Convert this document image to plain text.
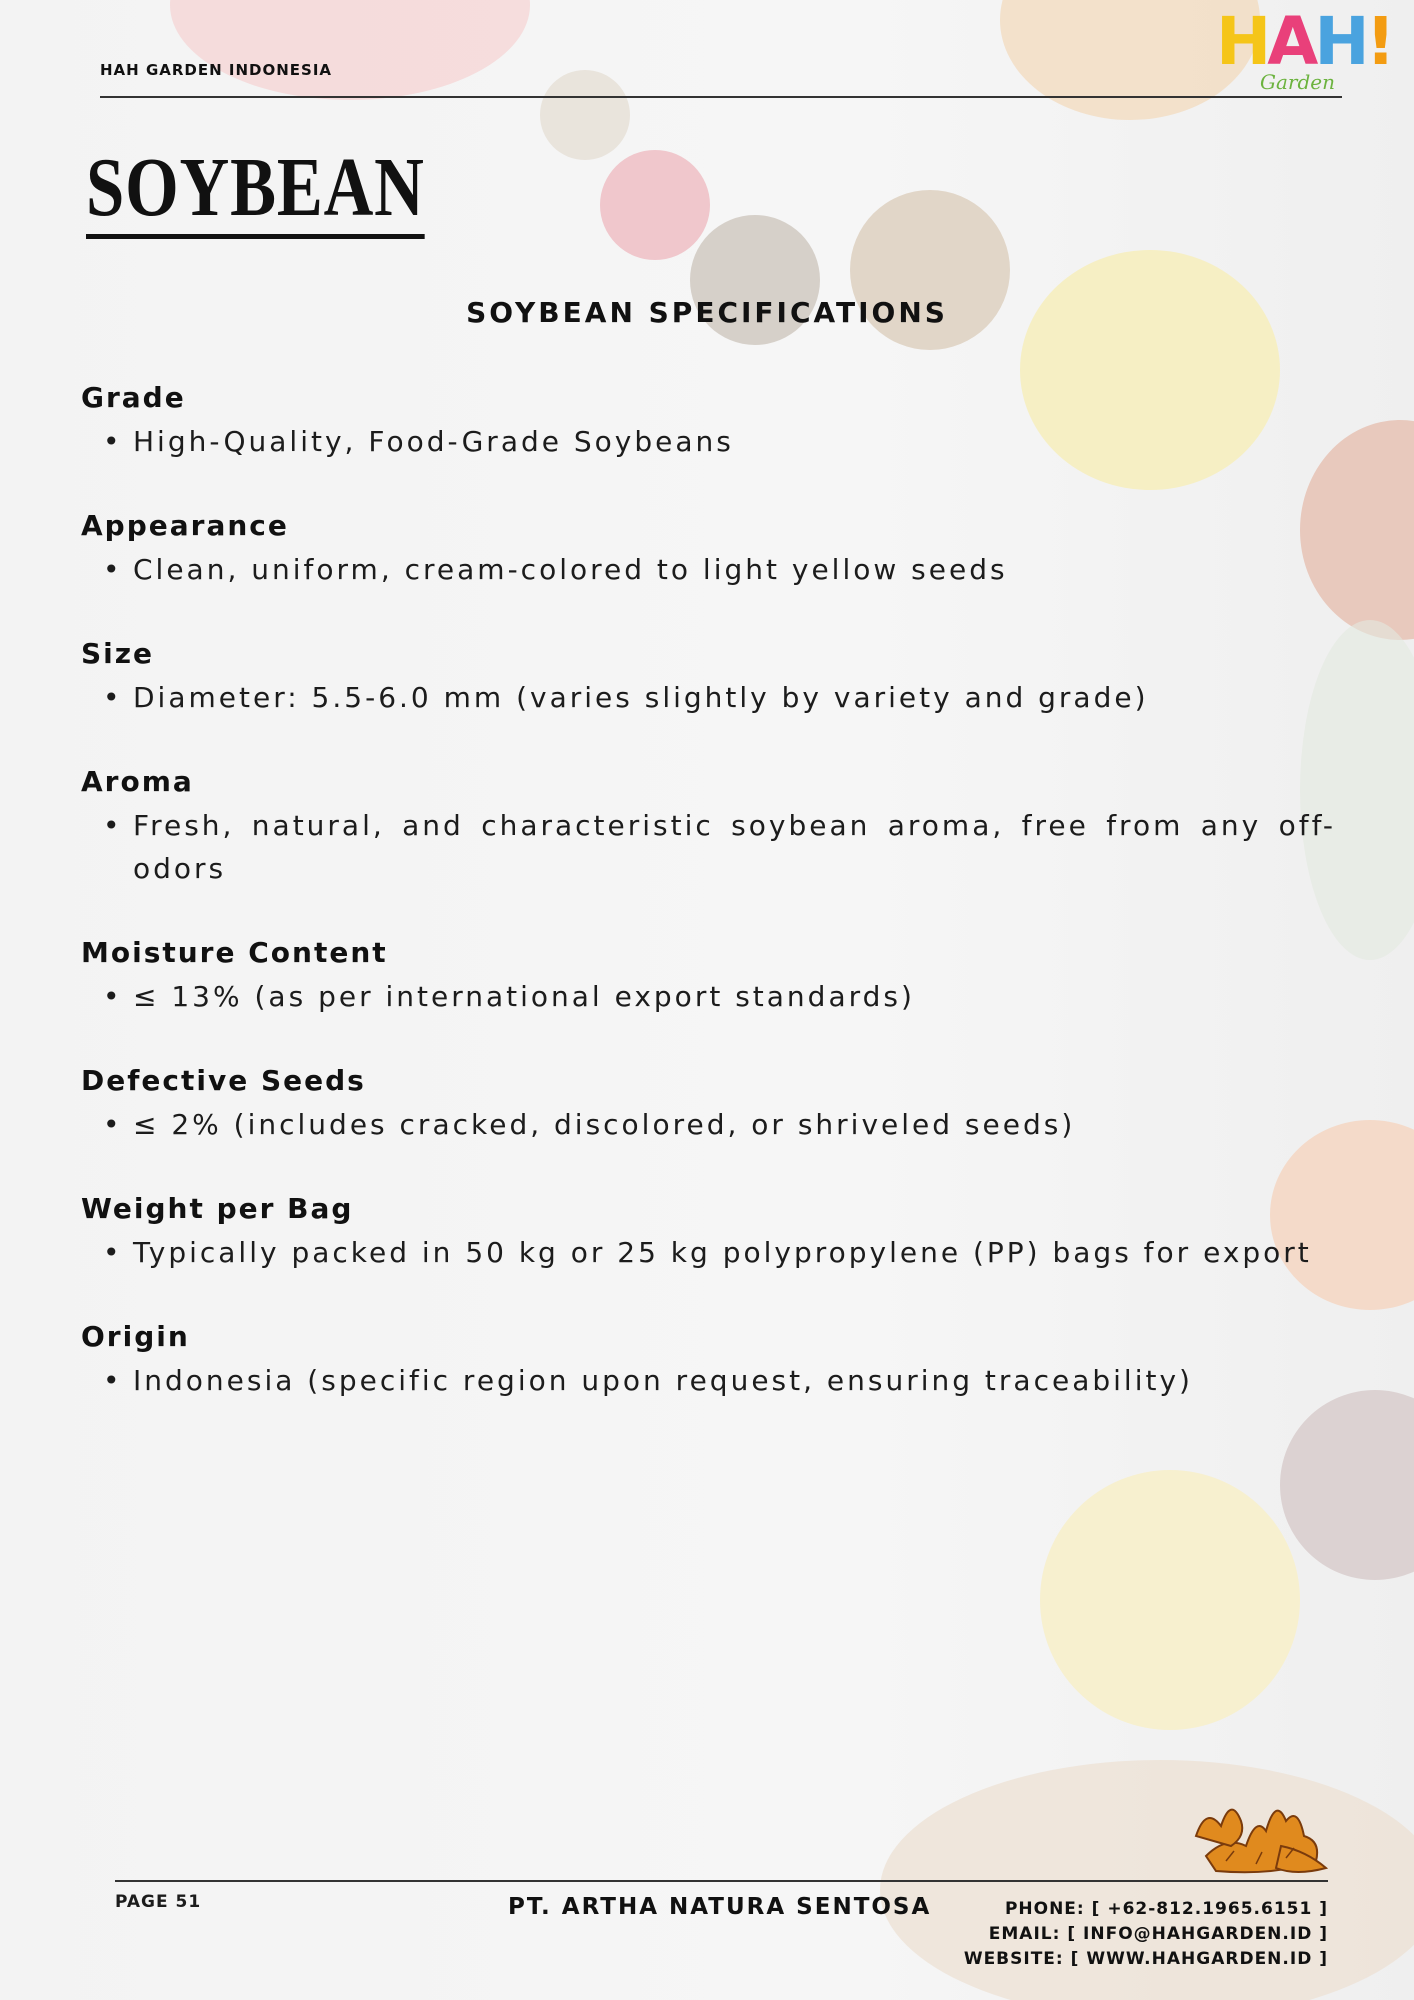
HAH GARDEN INDONESIA	HAH!
Garden
SOYBEAN
SOYBEAN SPECIFICATIONS
Grade

• High-Quality, Food-Grade Soybeans

Appearance

• Clean, uniform, cream-colored to light yellow seeds

Size

• Diameter: 5.5-6.0 mm (varies slightly by variety and grade)

Aroma

• Fresh, natural, and characteristic soybean aroma, free from any off-odors

Moisture Content

• ≤ 13% (as per international export standards)

Defective Seeds

• ≤ 2% (includes cracked, discolored, or shriveled seeds)

Weight per Bag

• Typically packed in 50 kg or 25 kg polypropylene (PP) bags for export

Origin

• Indonesia (specific region upon request, ensuring traceability)

PAGE 51	PT. ARTHA NATURA SENTOSA	PHONE: [ +62-812.1965.6151 ]
EMAIL: [ INFO@HAHGARDEN.ID ]
WEBSITE: [ WWW.HAHGARDEN.ID ]
